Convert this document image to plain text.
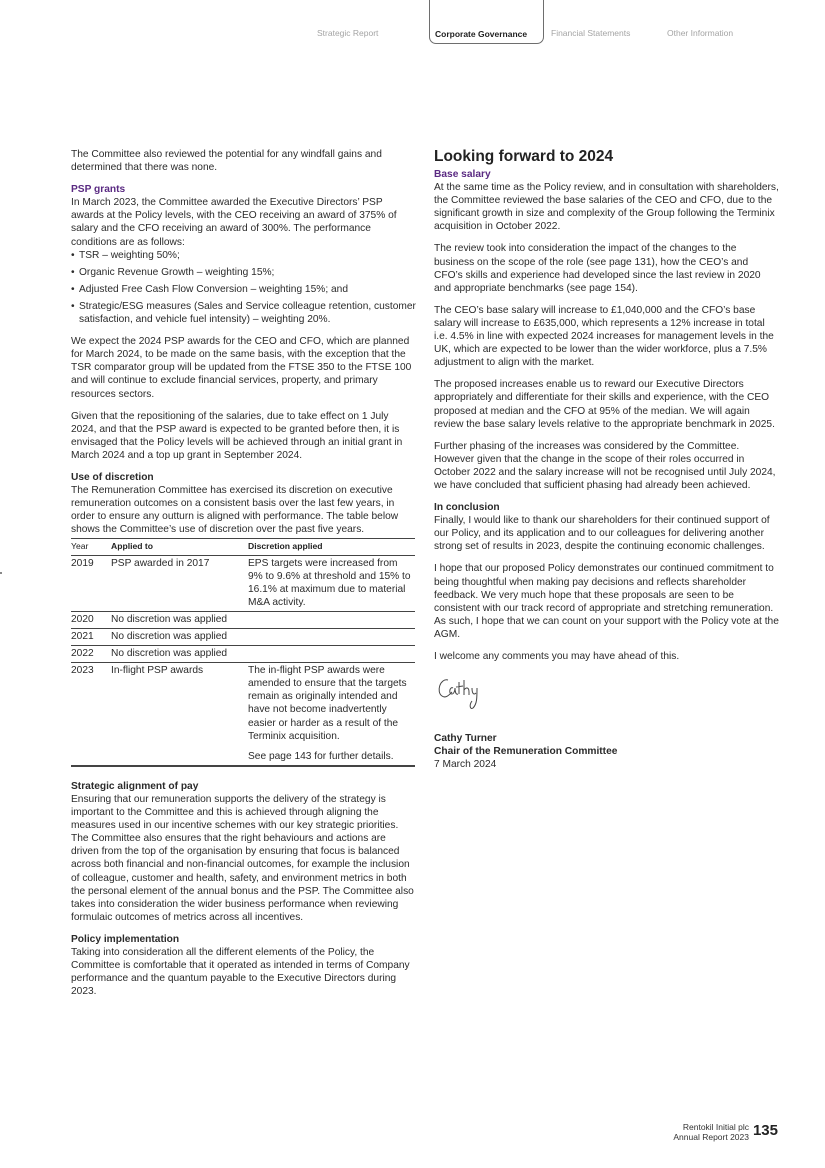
Strategic Report	Corporate Governance	Financial Statements	Other Information

The Committee also reviewed the potential for any windfall gains and determined that there was none.

PSP grants

In March 2023, the Committee awarded the Executive Directors’ PSP awards at the Policy levels, with the CEO receiving an award of 375% of salary and the CFO receiving an award of 300%. The performance conditions are as follows:

• TSR – weighting 50%;
• Organic Revenue Growth – weighting 15%;
• Adjusted Free Cash Flow Conversion – weighting 15%; and
• Strategic/ESG measures (Sales and Service colleague retention, customer satisfaction, and vehicle fuel intensity) – weighting 20%.

We expect the 2024 PSP awards for the CEO and CFO, which are planned for March 2024, to be made on the same basis, with the exception that the TSR comparator group will be updated from the FTSE 350 to the FTSE 100 and will continue to exclude financial services, property, and primary resources sectors.

Given that the repositioning of the salaries, due to take effect on 1 July 2024, and that the PSP award is expected to be granted before then, it is envisaged that the Policy levels will be achieved through an initial grant in March 2024 and a top up grant in September 2024.

Use of discretion

The Remuneration Committee has exercised its discretion on executive remuneration outcomes on a consistent basis over the last few years, in order to ensure any outturn is aligned with performance. The table below shows the Committee’s use of discretion over the past five years.

Year	Applied to	Discretion applied
2019	PSP awarded in 2017	EPS targets were increased from 9% to 9.6% at threshold and 15% to 16.1% at maximum due to material M&A activity.
2020	No discretion was applied	
2021	No discretion was applied	
2022	No discretion was applied	
2023	In-flight PSP awards	The in-flight PSP awards were amended to ensure that the targets remain as originally intended and have not become inadvertently easier or harder as a result of the Terminix acquisition.
See page 143 for further details.
Strategic alignment of pay

Ensuring that our remuneration supports the delivery of the strategy is important to the Committee and this is achieved through aligning the measures used in our incentive schemes with our key strategic priorities. The Committee also ensures that the right behaviours and actions are driven from the top of the organisation by ensuring that focus is balanced across both financial and non-financial outcomes, for example the inclusion of colleague, customer and health, safety, and environment metrics in both the personal element of the annual bonus and the PSP. The Committee also takes into consideration the wider business performance when reviewing formulaic outcomes of metrics across all incentives.

Policy implementation

Taking into consideration all the different elements of the Policy, the Committee is comfortable that it operated as intended in terms of Company performance and the quantum payable to the Executive Directors during 2023.

Looking forward to 2024
Base salary

At the same time as the Policy review, and in consultation with shareholders, the Committee reviewed the base salaries of the CEO and CFO, due to the significant growth in size and complexity of the Group following the Terminix acquisition in October 2022.

The review took into consideration the impact of the changes to the business on the scope of the role (see page 131), how the CEO’s and CFO’s skills and experience had developed since the last review in 2020 and appropriate benchmarks (see page 154).

The CEO’s base salary will increase to £1,040,000 and the CFO’s base salary will increase to £635,000, which represents a 12% increase in total i.e. 4.5% in line with expected 2024 increases for management levels in the UK, which are expected to be lower than the wider workforce, plus a 7.5% adjustment to align with the market.

The proposed increases enable us to reward our Executive Directors appropriately and differentiate for their skills and experience, with the CEO proposed at median and the CFO at 95% of the median. We will again review the base salary levels relative to the appropriate benchmark in 2025.

Further phasing of the increases was considered by the Committee. However given that the change in the scope of their roles occurred in October 2022 and the salary increase will not be recognised until July 2024, we have concluded that sufficient phasing had already been achieved.

In conclusion

Finally, I would like to thank our shareholders for their continued support of our Policy, and its application and to our colleagues for delivering another strong set of results in 2023, despite the continuing economic challenges.

I hope that our proposed Policy demonstrates our continued commitment to being thoughtful when making pay decisions and reflects shareholder feedback. We very much hope that these proposals are seen to be consistent with our track record of appropriate and stretching remuneration. As such, I hope that we can count on your support with the Policy vote at the AGM.

I welcome any comments you may have ahead of this.

Cathy Turner
Chair of the Remuneration Committee
7 March 2024
Rentokil Initial plc
Annual Report 2023 135
